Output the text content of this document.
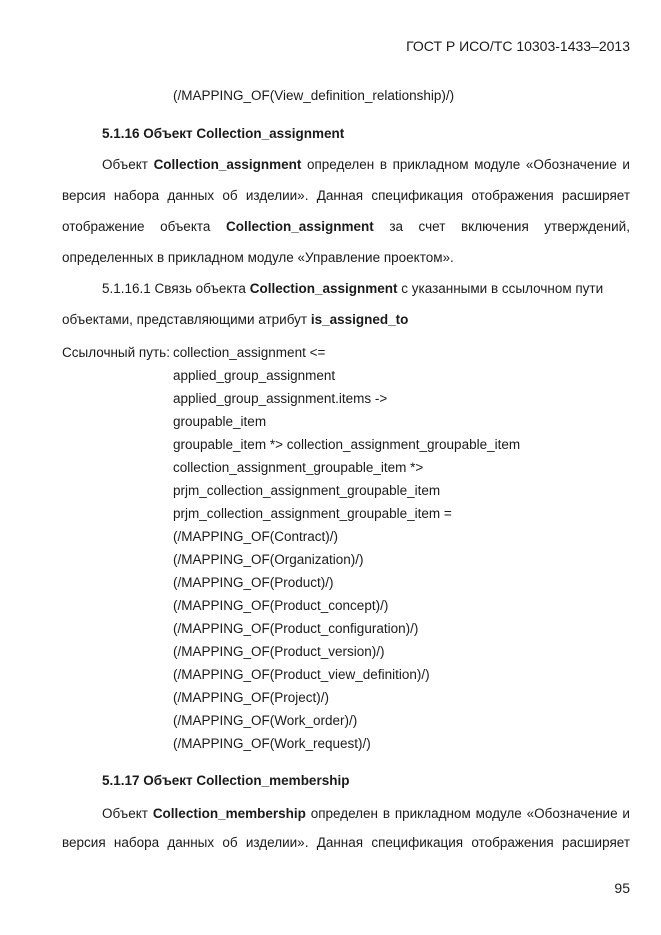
ГОСТ Р ИСО/ТС 10303-1433–2013
(/MAPPING_OF(View_definition_relationship)/)
5.1.16 Объект Collection_assignment
Объект Collection_assignment определен в прикладном модуле «Обозначение и
версия набора данных об изделии». Данная спецификация отображения расширяет
отображение объекта Collection_assignment за счет включения утверждений,
определенных в прикладном модуле «Управление проектом».
5.1.16.1 Связь объекта Collection_assignment с указанными в ссылочном пути
объектами, представляющими атрибут is_assigned_to
Ссылочный путь: collection_assignment <=
applied_group_assignment
applied_group_assignment.items ->
groupable_item
groupable_item *> collection_assignment_groupable_item
collection_assignment_groupable_item *>
prjm_collection_assignment_groupable_item
prjm_collection_assignment_groupable_item =
(/MAPPING_OF(Contract)/)
(/MAPPING_OF(Organization)/)
(/MAPPING_OF(Product)/)
(/MAPPING_OF(Product_concept)/)
(/MAPPING_OF(Product_configuration)/)
(/MAPPING_OF(Product_version)/)
(/MAPPING_OF(Product_view_definition)/)
(/MAPPING_OF(Project)/)
(/MAPPING_OF(Work_order)/)
(/MAPPING_OF(Work_request)/)
5.1.17 Объект Collection_membership
Объект Collection_membership определен в прикладном модуле «Обозначение и
версия набора данных об изделии». Данная спецификация отображения расширяет
95
